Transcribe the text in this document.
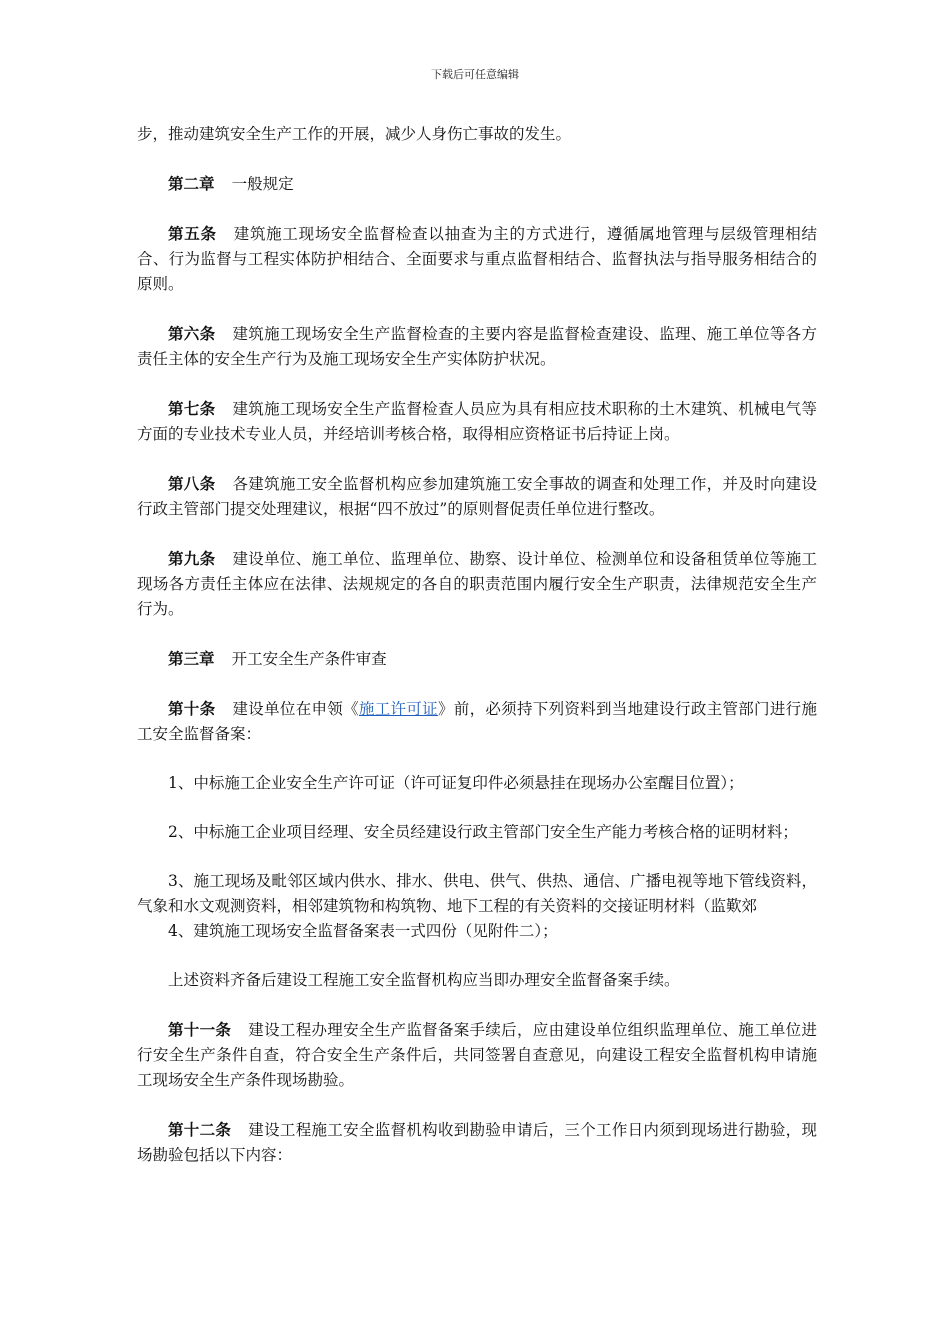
下载后可任意编辑

步，推动建筑安全生产工作的开展，减少人身伤亡事故的发生。

第二章 一般规定

第五条 建筑施工现场安全监督检查以抽查为主的方式进行，遵循属地管理与层级管理相结合、行为监督与工程实体防护相结合、全面要求与重点监督相结合、监督执法与指导服务相结合的原则。

第六条 建筑施工现场安全生产监督检查的主要内容是监督检查建设、监理、施工单位等各方责任主体的安全生产行为及施工现场安全生产实体防护状况。

第七条 建筑施工现场安全生产监督检查人员应为具有相应技术职称的土木建筑、机械电气等方面的专业技术专业人员，并经培训考核合格，取得相应资格证书后持证上岗。

第八条 各建筑施工安全监督机构应参加建筑施工安全事故的调查和处理工作，并及时向建设行政主管部门提交处理建议，根据“四不放过”的原则督促责任单位进行整改。

第九条 建设单位、施工单位、监理单位、勘察、设计单位、检测单位和设备租赁单位等施工现场各方责任主体应在法律、法规规定的各自的职责范围内履行安全生产职责，法律规范安全生产行为。

第三章 开工安全生产条件审查

第十条 建设单位在申领《施工许可证》前，必须持下列资料到当地建设行政主管部门进行施工安全监督备案：

1、中标施工企业安全生产许可证（许可证复印件必须悬挂在现场办公室醒目位置）；

2、中标施工企业项目经理、安全员经建设行政主管部门安全生产能力考核合格的证明材料；

3、施工现场及毗邻区域内供水、排水、供电、供气、供热、通信、广播电视等地下管线资料，气象和水文观测资料，相邻建筑物和构筑物、地下工程的有关资料的交接证明材料（监歎郊

4、建筑施工现场安全监督备案表一式四份（见附件二）；

上述资料齐备后建设工程施工安全监督机构应当即办理安全监督备案手续。

第十一条 建设工程办理安全生产监督备案手续后，应由建设单位组织监理单位、施工单位进行安全生产条件自查，符合安全生产条件后，共同签署自查意见，向建设工程安全监督机构申请施工现场安全生产条件现场勘验。

第十二条 建设工程施工安全监督机构收到勘验申请后，三个工作日内须到现场进行勘验，现场勘验包括以下内容：
